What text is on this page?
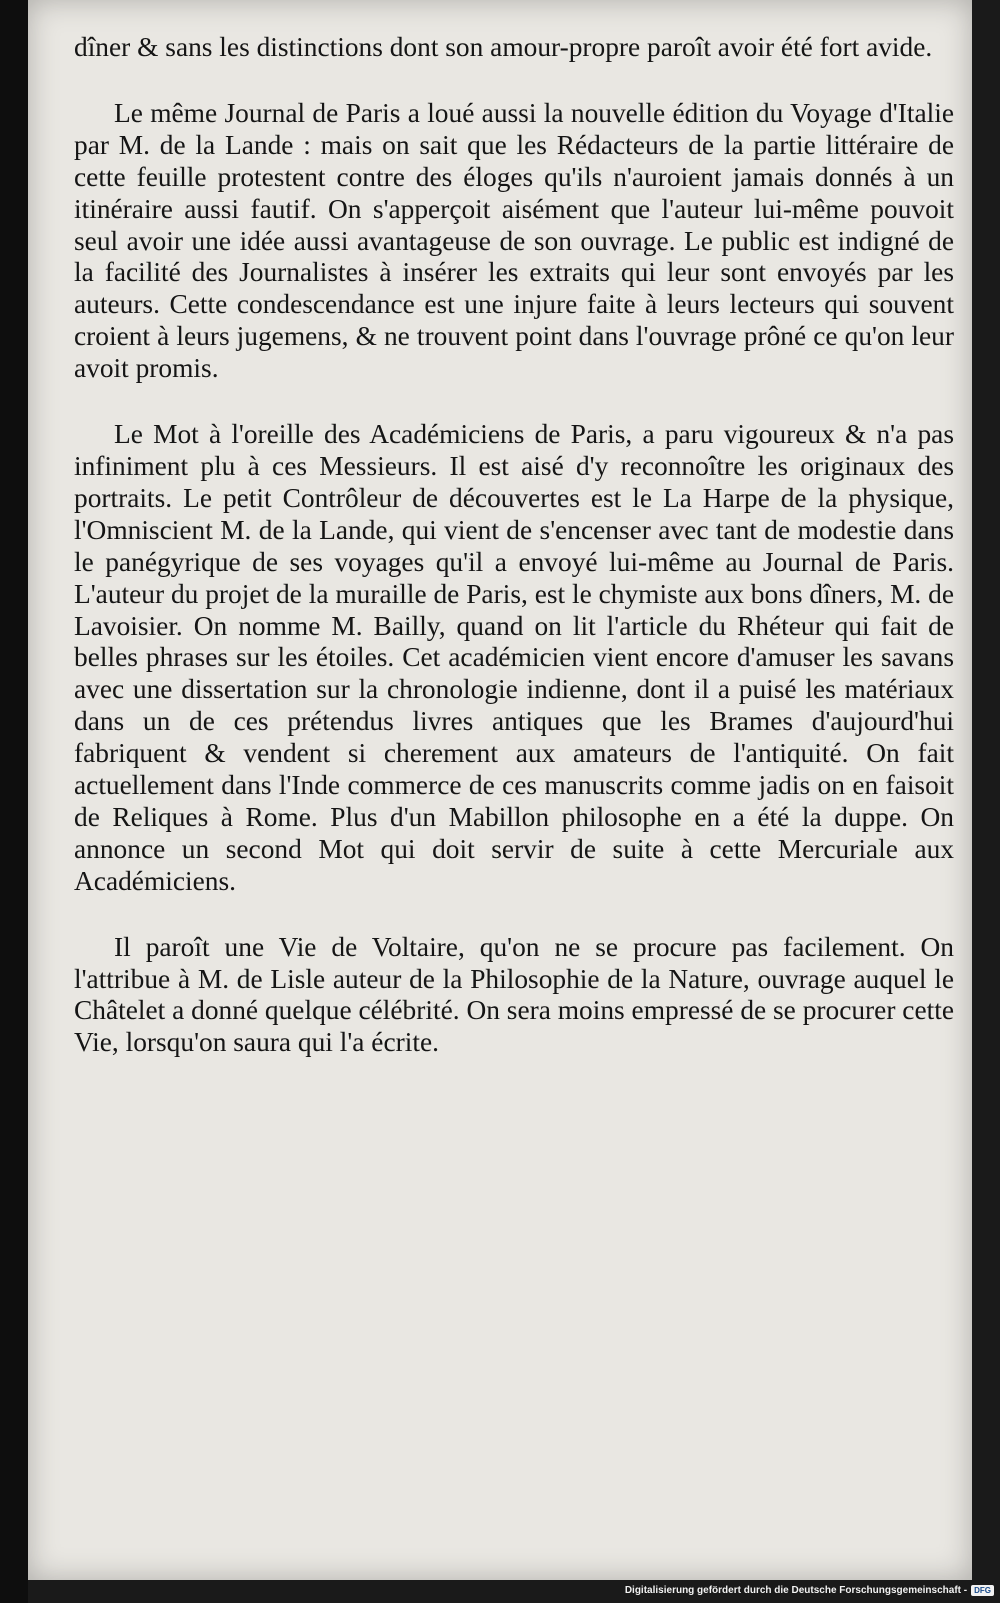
dîner & sans les distinctions dont son amour-propre paroît avoir été fort avide.

Le même Journal de Paris a loué aussi la nouvelle édition du Voyage d'Italie par M. de la Lande : mais on sait que les Rédacteurs de la partie littéraire de cette feuille protestent contre des éloges qu'ils n'auroient jamais donnés à un itinéraire aussi fautif. On s'apperçoit aisément que l'auteur lui-même pouvoit seul avoir une idée aussi avantageuse de son ouvrage. Le public est indigné de la facilité des Journalistes à insérer les extraits qui leur sont envoyés par les auteurs. Cette condescendance est une injure faite à leurs lecteurs qui souvent croient à leurs jugemens, & ne trouvent point dans l'ouvrage prôné ce qu'on leur avoit promis.

Le Mot à l'oreille des Académiciens de Paris, a paru vigoureux & n'a pas infiniment plu à ces Messieurs. Il est aisé d'y reconnoître les originaux des portraits. Le petit Contrôleur de découvertes est le La Harpe de la physique, l'Omniscient M. de la Lande, qui vient de s'encenser avec tant de modestie dans le panégyrique de ses voyages qu'il a envoyé lui-même au Journal de Paris. L'auteur du projet de la muraille de Paris, est le chymiste aux bons dîners, M. de Lavoisier. On nomme M. Bailly, quand on lit l'article du Rhéteur qui fait de belles phrases sur les étoiles. Cet académicien vient encore d'amuser les savans avec une dissertation sur la chronologie indienne, dont il a puisé les matériaux dans un de ces prétendus livres antiques que les Brames d'aujourd'hui fabriquent & vendent si cherement aux amateurs de l'antiquité. On fait actuellement dans l'Inde commerce de ces manuscrits comme jadis on en faisoit de Reliques à Rome. Plus d'un Mabillon philosophe en a été la duppe. On annonce un second Mot qui doit servir de suite à cette Mercuriale aux Académiciens.

Il paroît une Vie de Voltaire, qu'on ne se procure pas facilement. On l'attribue à M. de Lisle auteur de la Philosophie de la Nature, ouvrage auquel le Châtelet a donné quelque célébrité. On sera moins empressé de se procurer cette Vie, lorsqu'on saura qui l'a écrite.

Digitalisierung gefördert durch die Deutsche Forschungsgemeinschaft - DFG
